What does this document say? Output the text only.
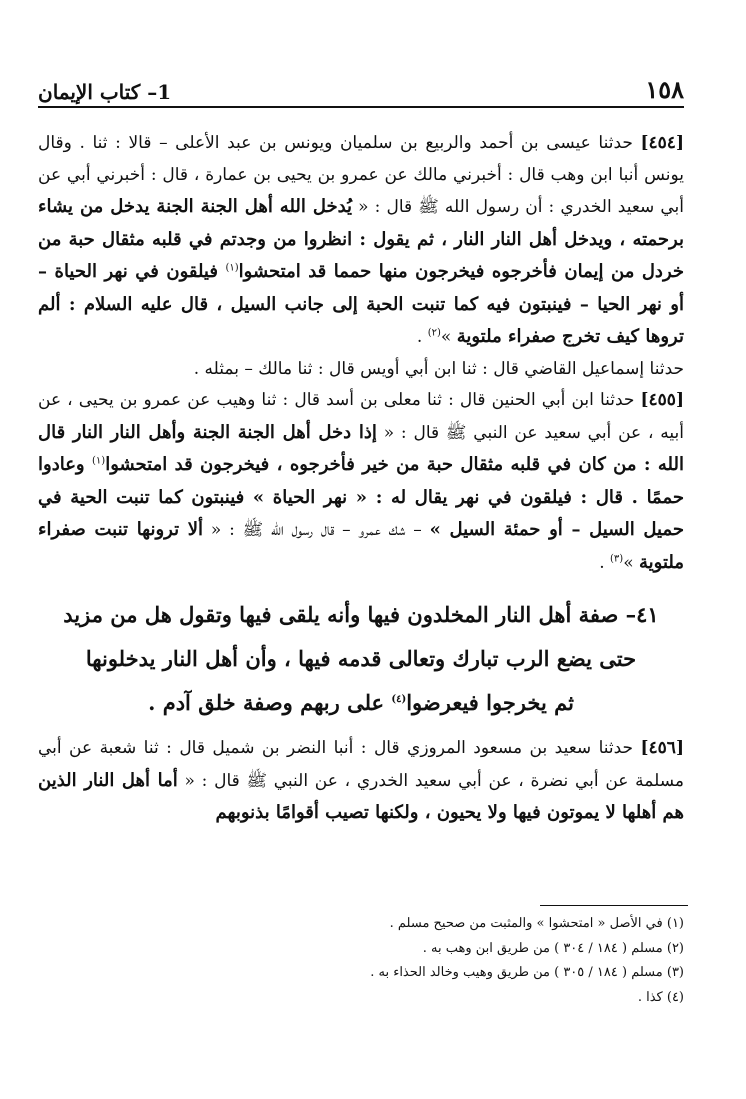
١٥٨
1– كتاب الإيمان

[٤٥٤] حدثنا عيسى بن أحمد والربيع بن سلميان ويونس بن عبد الأعلى – قالا : ثنا . وقال يونس أنبا ابن وهب قال : أخبرني مالك عن عمرو بن يحيى بن عمارة ، قال : أخبرني أبي عن أبي سعيد الخدري : أن رسول الله ﷺ قال : « يُدخل الله أهل الجنة الجنة يدخل من يشاء برحمته ، ويدخل أهل النار النار ، ثم يقول : انظروا من وجدتم في قلبه مثقال حبة من خردل من إيمان فأخرجوه فيخرجون منها حمما قد امتحشوا$^{(١)}$ فيلقون في نهر الحياة – أو نهر الحيا – فينبتون فيه كما تنبت الحبة إلى جانب السيل ، قال عليه السلام : ألم تروها كيف تخرج صفراء ملتوية »$^{(٢)}$ .

حدثنا إسماعيل القاضي قال : ثنا ابن أبي أويس قال : ثنا مالك – بمثله .

[٤٥٥] حدثنا ابن أبي الحنين قال : ثنا معلى بن أسد قال : ثنا وهيب عن عمرو بن يحيى ، عن أبيه ، عن أبي سعيد عن النبي ﷺ قال : « إذا دخل أهل الجنة الجنة وأهل النار النار قال الله : من كان في قلبه مثقال حبة من خير فأخرجوه ، فيخرجون قد امتحشوا$^{(١)}$ وعادوا حممًا . قال : فيلقون في نهر يقال له : « نهر الحياة » فينبتون كما تنبت الحية في حميل السيل – أو حمئة السيل » – شك عمرو – قال رسول الله ﷺ : « ألا ترونها تنبت صفراء ملتوية »$^{(٣)}$ .

٤١– صفة أهل النار المخلدون فيها وأنه يلقى فيها وتقول هل من مزيد
حتى يضع الرب تبارك وتعالى قدمه فيها ، وأن أهل النار يدخلونها
ثم يخرجوا فيعرضوا$^{(٤)}$ على ربهم وصفة خلق آدم .

[٤٥٦] حدثنا سعيد بن مسعود المروزي قال : أنبا النضر بن شميل قال : ثنا شعبة عن أبي مسلمة عن أبي نضرة ، عن أبي سعيد الخدري ، عن النبي ﷺ قال : « أما أهل النار الذين هم أهلها لا يموتون فيها ولا يحيون ، ولكنها تصيب أقوامًا بذنوبهم

(١) في الأصل « امتحشوا » والمثبت من صحيح مسلم .

(٢) مسلم ( ١٨٤ / ٣٠٤ ) من طريق ابن وهب به .

(٣) مسلم ( ١٨٤ / ٣٠٥ ) من طريق وهيب وخالد الحذاء به .

(٤) كذا .
